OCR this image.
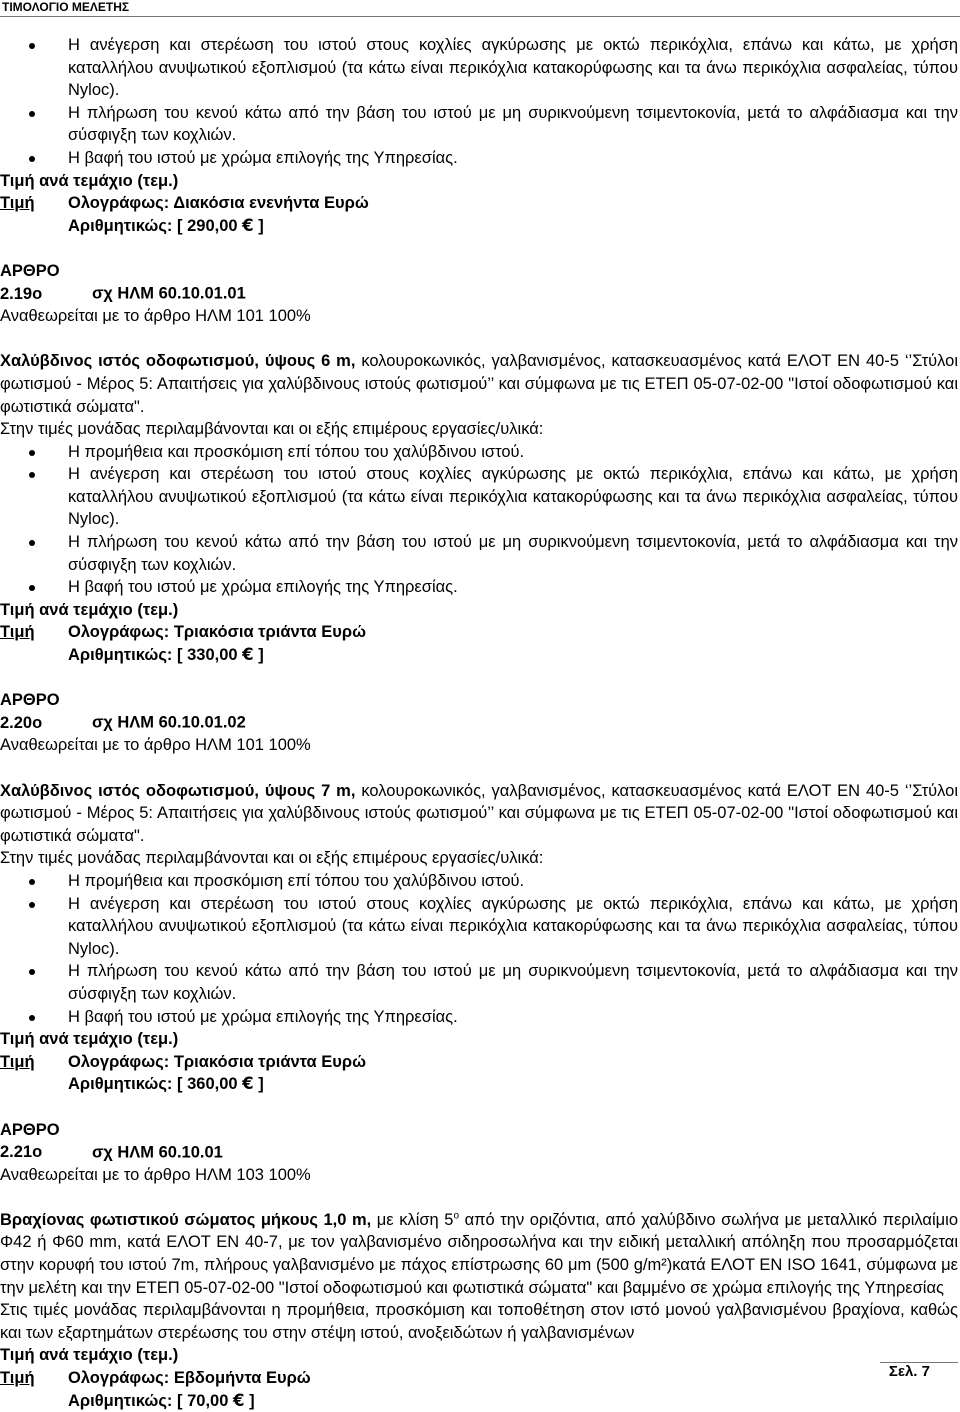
ΤΙΜΟΛΟΓΙΟ ΜΕΛΕΤΗΣ
Η ανέγερση και στερέωση του ιστού στους κοχλίες αγκύρωσης με οκτώ περικόχλια, επάνω και κάτω, με χρήση καταλλήλου ανυψωτικού εξοπλισμού (τα κάτω είναι περικόχλια κατακορύφωσης και τα άνω περικόχλια ασφαλείας, τύπου Nyloc).
Η πλήρωση του κενού κάτω από την βάση του ιστού με μη συρικνούμενη τσιμεντοκονία, μετά το αλφάδιασμα και την σύσφιγξη των κοχλιών.
Η βαφή του ιστού με χρώμα επιλογής της Υπηρεσίας.
Τιμή ανά τεμάχιο (τεμ.)
Τιμή Ολογράφως: Διακόσια ενενήντα Ευρώ
Αριθμητικώς: [ 290,00 € ]
ΑΡΘΡΟ 2.19ο	σχ ΗΛΜ 60.10.01.01
Αναθεωρείται με το άρθρο ΗΛΜ 101 100%
Χαλύβδινος ιστός οδοφωτισμού, ύψους 6 m, κολουροκωνικός, γαλβανισμένος, κατασκευασμένος κατά ΕΛΟΤ ΕΝ 40-5 ‘’Στύλοι φωτισμού - Μέρος 5: Απαιτήσεις για χαλύβδινους ιστούς φωτισμού’’ και σύμφωνα με τις ΕΤΕΠ 05-07-02-00 "Ιστοί οδοφωτισμού και φωτιστικά σώματα".
Στην τιμές μονάδας περιλαμβάνονται και οι εξής επιμέρους εργασίες/υλικά:
Η προμήθεια και προσκόμιση επί τόπου του χαλύβδινου ιστού.
Η ανέγερση και στερέωση του ιστού στους κοχλίες αγκύρωσης με οκτώ περικόχλια, επάνω και κάτω, με χρήση καταλλήλου ανυψωτικού εξοπλισμού (τα κάτω είναι περικόχλια κατακορύφωσης και τα άνω περικόχλια ασφαλείας, τύπου Nyloc).
Η πλήρωση του κενού κάτω από την βάση του ιστού με μη συρικνούμενη τσιμεντοκονία, μετά το αλφάδιασμα και την σύσφιγξη των κοχλιών.
Η βαφή του ιστού με χρώμα επιλογής της Υπηρεσίας.
Τιμή ανά τεμάχιο (τεμ.)
Τιμή Ολογράφως: Τριακόσια τριάντα Ευρώ
Αριθμητικώς: [ 330,00 € ]
ΑΡΘΡΟ 2.20ο	σχ ΗΛΜ 60.10.01.02
Αναθεωρείται με το άρθρο ΗΛΜ 101 100%
Χαλύβδινος ιστός οδοφωτισμού, ύψους 7 m, κολουροκωνικός, γαλβανισμένος, κατασκευασμένος κατά ΕΛΟΤ ΕΝ 40-5 ‘’Στύλοι φωτισμού - Μέρος 5: Απαιτήσεις για χαλύβδινους ιστούς φωτισμού’’ και σύμφωνα με τις ΕΤΕΠ 05-07-02-00 "Ιστοί οδοφωτισμού και φωτιστικά σώματα".
Στην τιμές μονάδας περιλαμβάνονται και οι εξής επιμέρους εργασίες/υλικά:
Η προμήθεια και προσκόμιση επί τόπου του χαλύβδινου ιστού.
Η ανέγερση και στερέωση του ιστού στους κοχλίες αγκύρωσης με οκτώ περικόχλια, επάνω και κάτω, με χρήση καταλλήλου ανυψωτικού εξοπλισμού (τα κάτω είναι περικόχλια κατακορύφωσης και τα άνω περικόχλια ασφαλείας, τύπου Nyloc).
Η πλήρωση του κενού κάτω από την βάση του ιστού με μη συρικνούμενη τσιμεντοκονία, μετά το αλφάδιασμα και την σύσφιγξη των κοχλιών.
Η βαφή του ιστού με χρώμα επιλογής της Υπηρεσίας.
Τιμή ανά τεμάχιο (τεμ.)
Τιμή Ολογράφως: Τριακόσια τριάντα Ευρώ
Αριθμητικώς: [ 360,00 € ]
ΑΡΘΡΟ 2.21ο	σχ ΗΛΜ 60.10.01
Αναθεωρείται με το άρθρο ΗΛΜ 103 100%
Βραχίονας φωτιστικού σώματος μήκους 1,0 m, με κλίση $5^o$ από την οριζόντια, από χαλύβδινο σωλήνα με μεταλλικό περιλαίμιο Φ42 ή Φ60 mm, κατά ΕΛΟΤ ΕΝ 40-7, με τον γαλβανισμένο σιδηροσωλήνα και την ειδική μεταλλική απόληξη που προσαρμόζεται στην κορυφή του ιστού 7m, πλήρους γαλβανισμένο με πάχος επίστρωσης 60 μm (500 g/m²)κατά ΕΛΟΤ ΕΝ ISO 1641, σύμφωνα με την μελέτη και την ΕΤΕΠ 05-07-02-00 "Ιστοί οδοφωτισμού και φωτιστικά σώματα" και βαμμένο σε χρώμα επιλογής της Υπηρεσίας
Στις τιμές μονάδας περιλαμβάνονται η προμήθεια, προσκόμιση και τοποθέτηση στον ιστό μονού γαλβανισμένου βραχίονα, καθώς και των εξαρτημάτων στερέωσης του στην στέψη ιστού, ανοξειδώτων ή γαλβανισμένων
Τιμή ανά τεμάχιο (τεμ.)
Τιμή Ολογράφως: Εβδομήντα Ευρώ
Αριθμητικώς: [ 70,00 € ]
Σελ. 7
